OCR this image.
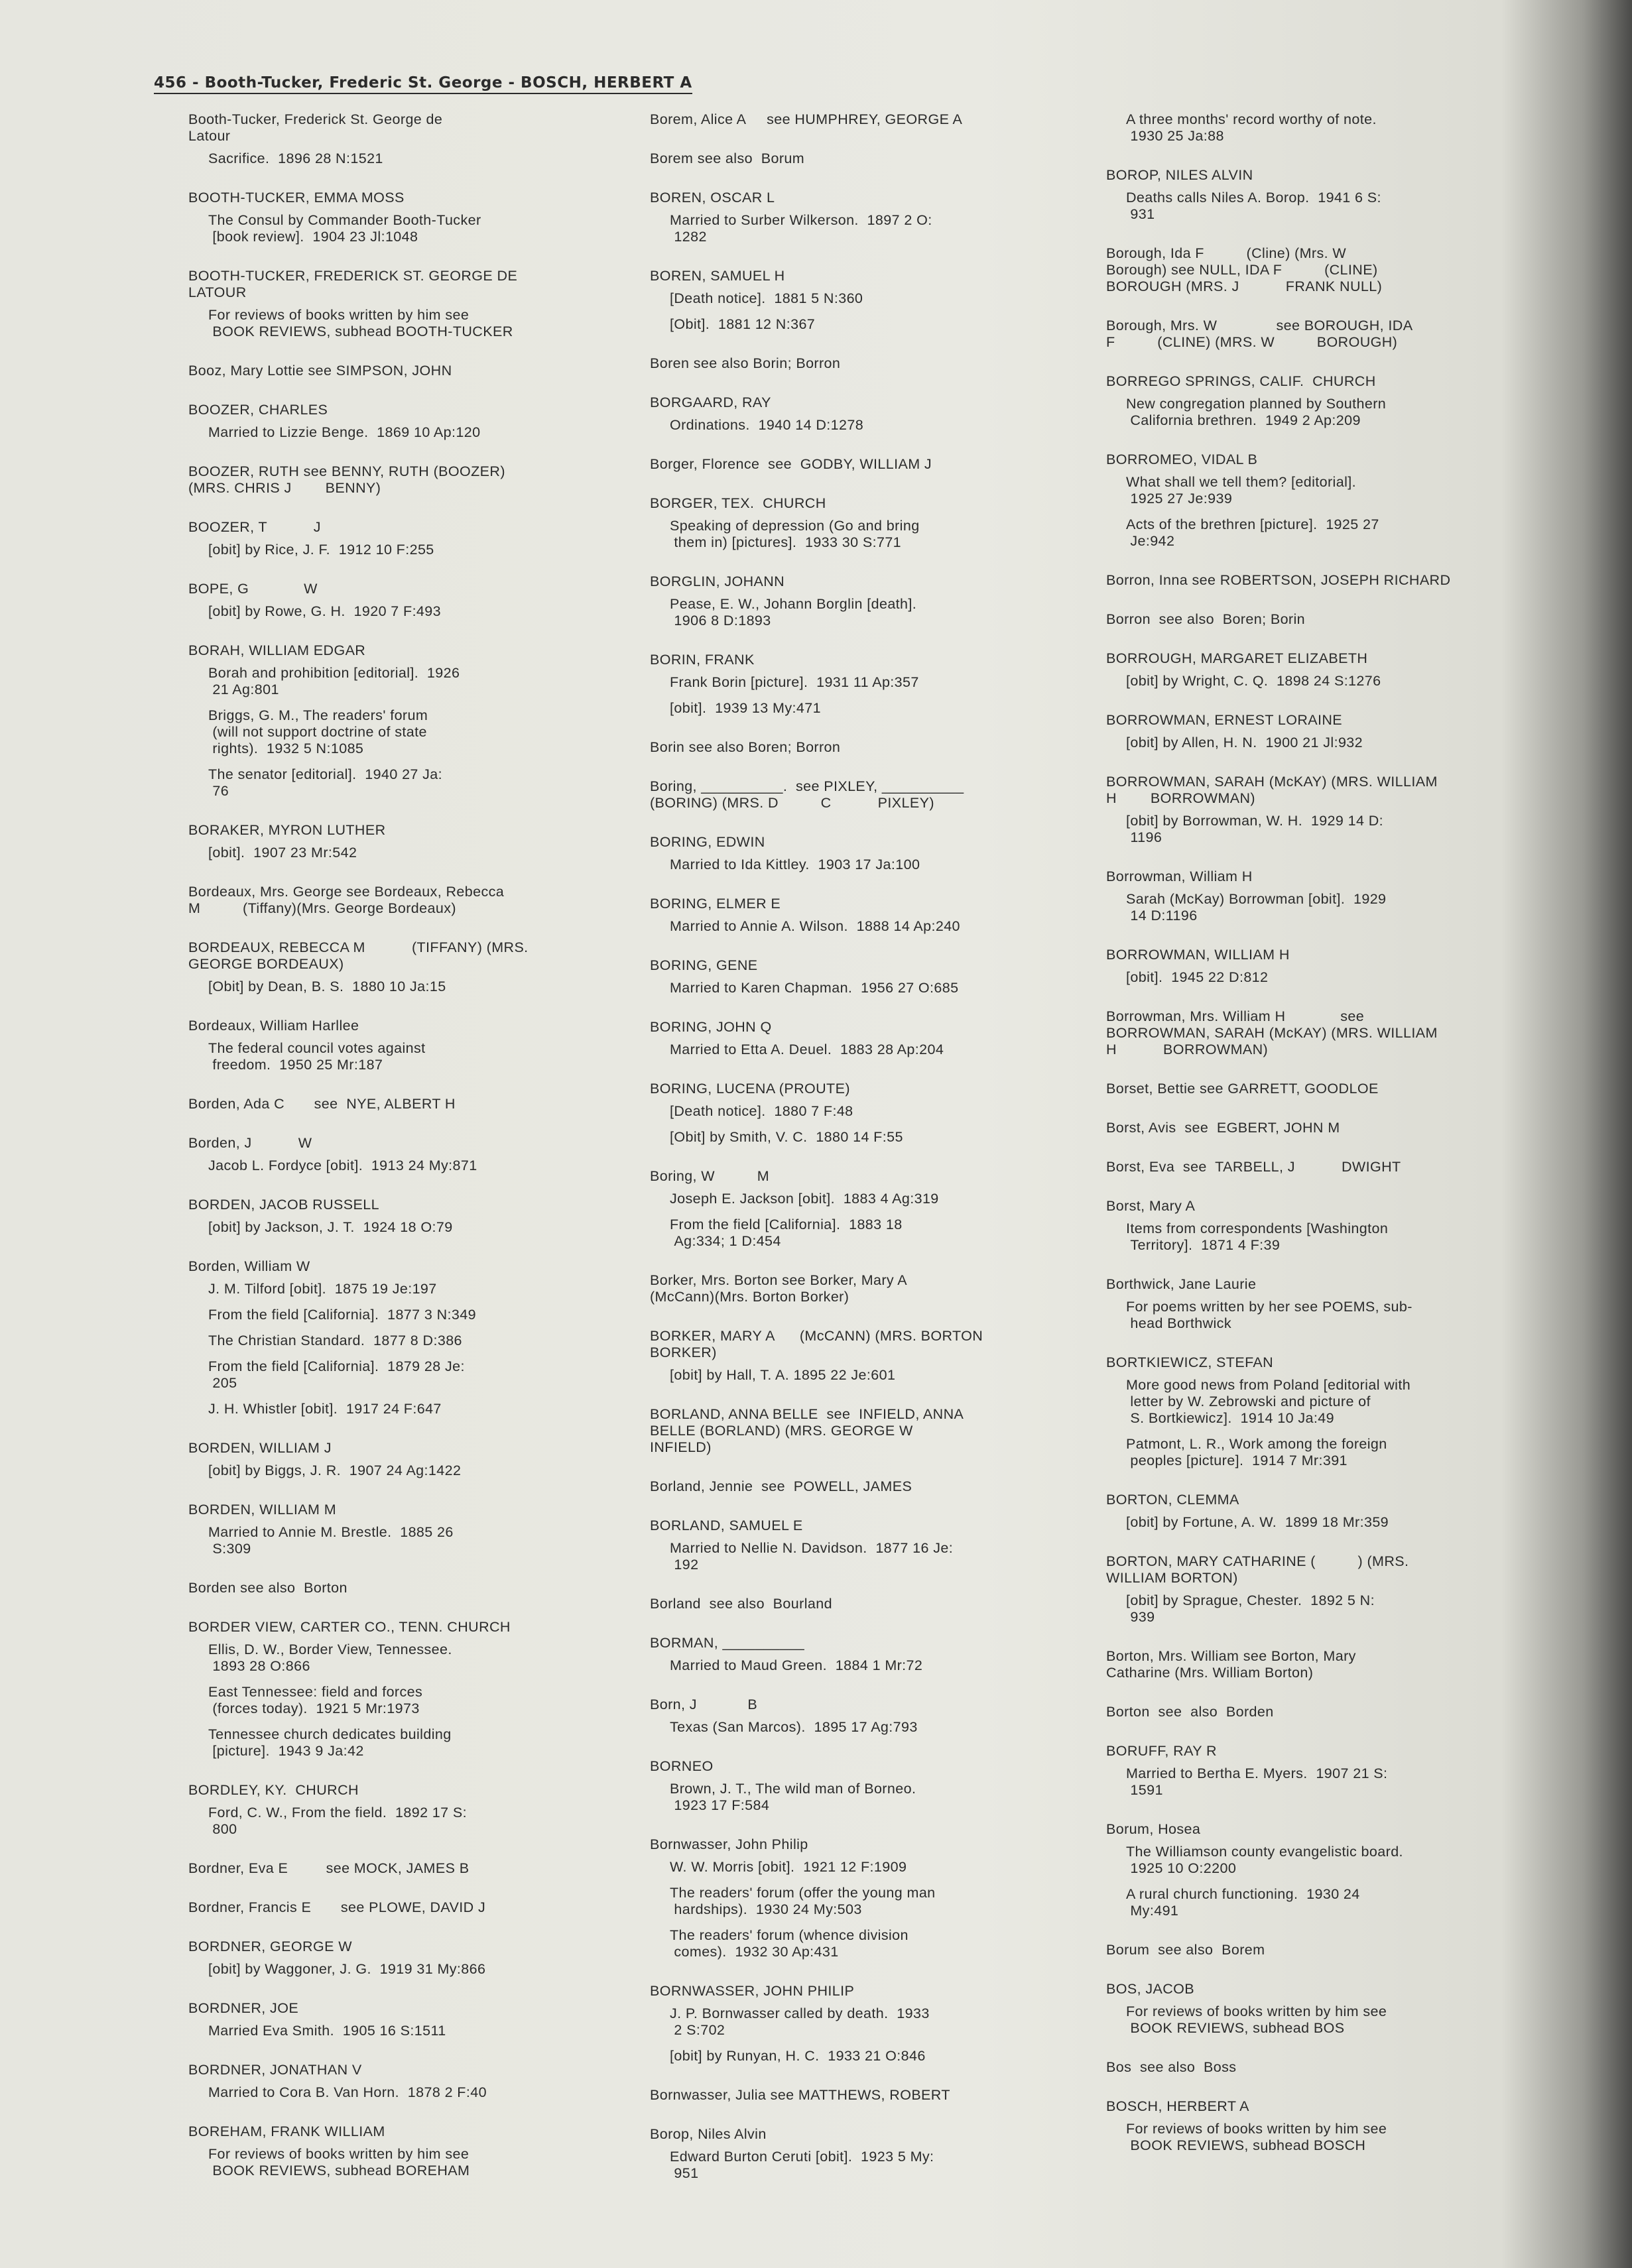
456 - Booth-Tucker, Frederic St. George - BOSCH, HERBERT A
Booth-Tucker, Frederick St. George de
Latour
Sacrifice.  1896 28 N:1521
BOOTH-TUCKER, EMMA MOSS
The Consul by Commander Booth-Tucker
[book review].  1904 23 Jl:1048
BOOTH-TUCKER, FREDERICK ST. GEORGE DE
LATOUR
For reviews of books written by him see
BOOK REVIEWS, subhead BOOTH-TUCKER
Booz, Mary Lottie see SIMPSON, JOHN
BOOZER, CHARLES
Married to Lizzie Benge.  1869 10 Ap:120
BOOZER, RUTH see BENNY, RUTH (BOOZER)
(MRS. CHRIS J        BENNY)
BOOZER, T           J
[obit] by Rice, J. F.  1912 10 F:255
BOPE, G             W
[obit] by Rowe, G. H.  1920 7 F:493
BORAH, WILLIAM EDGAR
Borah and prohibition [editorial].  1926
21 Ag:801
Briggs, G. M., The readers' forum
(will not support doctrine of state
rights).  1932 5 N:1085
The senator [editorial].  1940 27 Ja:
76
BORAKER, MYRON LUTHER
[obit].  1907 23 Mr:542
Bordeaux, Mrs. George see Bordeaux, Rebecca
M          (Tiffany)(Mrs. George Bordeaux)
BORDEAUX, REBECCA M           (TIFFANY) (MRS.
GEORGE BORDEAUX)
[Obit] by Dean, B. S.  1880 10 Ja:15
Bordeaux, William Harllee
The federal council votes against
freedom.  1950 25 Mr:187
Borden, Ada C       see  NYE, ALBERT H
Borden, J           W
Jacob L. Fordyce [obit].  1913 24 My:871
BORDEN, JACOB RUSSELL
[obit] by Jackson, J. T.  1924 18 O:79
Borden, William W
J. M. Tilford [obit].  1875 19 Je:197
From the field [California].  1877 3 N:349
The Christian Standard.  1877 8 D:386
From the field [California].  1879 28 Je:
205
J. H. Whistler [obit].  1917 24 F:647
BORDEN, WILLIAM J
[obit] by Biggs, J. R.  1907 24 Ag:1422
BORDEN, WILLIAM M
Married to Annie M. Brestle.  1885 26
S:309
Borden see also  Borton
BORDER VIEW, CARTER CO., TENN. CHURCH
Ellis, D. W., Border View, Tennessee.
1893 28 O:866
East Tennessee: field and forces
(forces today).  1921 5 Mr:1973
Tennessee church dedicates building
[picture].  1943 9 Ja:42
BORDLEY, KY.  CHURCH
Ford, C. W., From the field.  1892 17 S:
800
Bordner, Eva E         see MOCK, JAMES B
Bordner, Francis E       see PLOWE, DAVID J
BORDNER, GEORGE W
[obit] by Waggoner, J. G.  1919 31 My:866
BORDNER, JOE
Married Eva Smith.  1905 16 S:1511
BORDNER, JONATHAN V
Married to Cora B. Van Horn.  1878 2 F:40
BOREHAM, FRANK WILLIAM
For reviews of books written by him see
BOOK REVIEWS, subhead BOREHAM
Borem, Alice A     see HUMPHREY, GEORGE A
Borem see also  Borum
BOREN, OSCAR L
Married to Surber Wilkerson.  1897 2 O:
1282
BOREN, SAMUEL H
[Death notice].  1881 5 N:360
[Obit].  1881 12 N:367
Boren see also Borin; Borron
BORGAARD, RAY
Ordinations.  1940 14 D:1278
Borger, Florence  see  GODBY, WILLIAM J
BORGER, TEX.  CHURCH
Speaking of depression (Go and bring
them in) [pictures].  1933 30 S:771
BORGLIN, JOHANN
Pease, E. W., Johann Borglin [death].
1906 8 D:1893
BORIN, FRANK
Frank Borin [picture].  1931 11 Ap:357
[obit].  1939 13 My:471
Borin see also Boren; Borron
Boring, __________.  see PIXLEY, __________
(BORING) (MRS. D          C           PIXLEY)
BORING, EDWIN
Married to Ida Kittley.  1903 17 Ja:100
BORING, ELMER E
Married to Annie A. Wilson.  1888 14 Ap:240
BORING, GENE
Married to Karen Chapman.  1956 27 O:685
BORING, JOHN Q
Married to Etta A. Deuel.  1883 28 Ap:204
BORING, LUCENA (PROUTE)
[Death notice].  1880 7 F:48
[Obit] by Smith, V. C.  1880 14 F:55
Boring, W          M
Joseph E. Jackson [obit].  1883 4 Ag:319
From the field [California].  1883 18
Ag:334; 1 D:454
Borker, Mrs. Borton see Borker, Mary A
(McCann)(Mrs. Borton Borker)
BORKER, MARY A      (McCANN) (MRS. BORTON
BORKER)
[obit] by Hall, T. A. 1895 22 Je:601
BORLAND, ANNA BELLE  see  INFIELD, ANNA
BELLE (BORLAND) (MRS. GEORGE W
INFIELD)
Borland, Jennie  see  POWELL, JAMES
BORLAND, SAMUEL E
Married to Nellie N. Davidson.  1877 16 Je:
192
Borland  see also  Bourland
BORMAN, __________
Married to Maud Green.  1884 1 Mr:72
Born, J            B
Texas (San Marcos).  1895 17 Ag:793
BORNEO
Brown, J. T., The wild man of Borneo.
1923 17 F:584
Bornwasser, John Philip
W. W. Morris [obit].  1921 12 F:1909
The readers' forum (offer the young man
hardships).  1930 24 My:503
The readers' forum (whence division
comes).  1932 30 Ap:431
BORNWASSER, JOHN PHILIP
J. P. Bornwasser called by death.  1933
2 S:702
[obit] by Runyan, H. C.  1933 21 O:846
Bornwasser, Julia see MATTHEWS, ROBERT
Borop, Niles Alvin
Edward Burton Ceruti [obit].  1923 5 My:
951
A three months' record worthy of note.
1930 25 Ja:88
BOROP, NILES ALVIN
Deaths calls Niles A. Borop.  1941 6 S:
931
Borough, Ida F          (Cline) (Mrs. W
Borough) see NULL, IDA F          (CLINE)
BOROUGH (MRS. J           FRANK NULL)
Borough, Mrs. W              see BOROUGH, IDA
F          (CLINE) (MRS. W          BOROUGH)
BORREGO SPRINGS, CALIF.  CHURCH
New congregation planned by Southern
California brethren.  1949 2 Ap:209
BORROMEO, VIDAL B
What shall we tell them? [editorial].
1925 27 Je:939
Acts of the brethren [picture].  1925 27
Je:942
Borron, Inna see ROBERTSON, JOSEPH RICHARD
Borron  see also  Boren; Borin
BORROUGH, MARGARET ELIZABETH
[obit] by Wright, C. Q.  1898 24 S:1276
BORROWMAN, ERNEST LORAINE
[obit] by Allen, H. N.  1900 21 Jl:932
BORROWMAN, SARAH (McKAY) (MRS. WILLIAM
H        BORROWMAN)
[obit] by Borrowman, W. H.  1929 14 D:
1196
Borrowman, William H
Sarah (McKay) Borrowman [obit].  1929
14 D:1196
BORROWMAN, WILLIAM H
[obit].  1945 22 D:812
Borrowman, Mrs. William H             see
BORROWMAN, SARAH (McKAY) (MRS. WILLIAM
H           BORROWMAN)
Borset, Bettie see GARRETT, GOODLOE
Borst, Avis  see  EGBERT, JOHN M
Borst, Eva  see  TARBELL, J           DWIGHT
Borst, Mary A
Items from correspondents [Washington
Territory].  1871 4 F:39
Borthwick, Jane Laurie
For poems written by her see POEMS, sub-
head Borthwick
BORTKIEWICZ, STEFAN
More good news from Poland [editorial with
letter by W. Zebrowski and picture of
S. Bortkiewicz].  1914 10 Ja:49
Patmont, L. R., Work among the foreign
peoples [picture].  1914 7 Mr:391
BORTON, CLEMMA
[obit] by Fortune, A. W.  1899 18 Mr:359
BORTON, MARY CATHARINE (          ) (MRS.
WILLIAM BORTON)
[obit] by Sprague, Chester.  1892 5 N:
939
Borton, Mrs. William see Borton, Mary
Catharine (Mrs. William Borton)
Borton  see  also  Borden
BORUFF, RAY R
Married to Bertha E. Myers.  1907 21 S:
1591
Borum, Hosea
The Williamson county evangelistic board.
1925 10 O:2200
A rural church functioning.  1930 24
My:491
Borum  see also  Borem
BOS, JACOB
For reviews of books written by him see
BOOK REVIEWS, subhead BOS
Bos  see also  Boss
BOSCH, HERBERT A
For reviews of books written by him see
BOOK REVIEWS, subhead BOSCH
